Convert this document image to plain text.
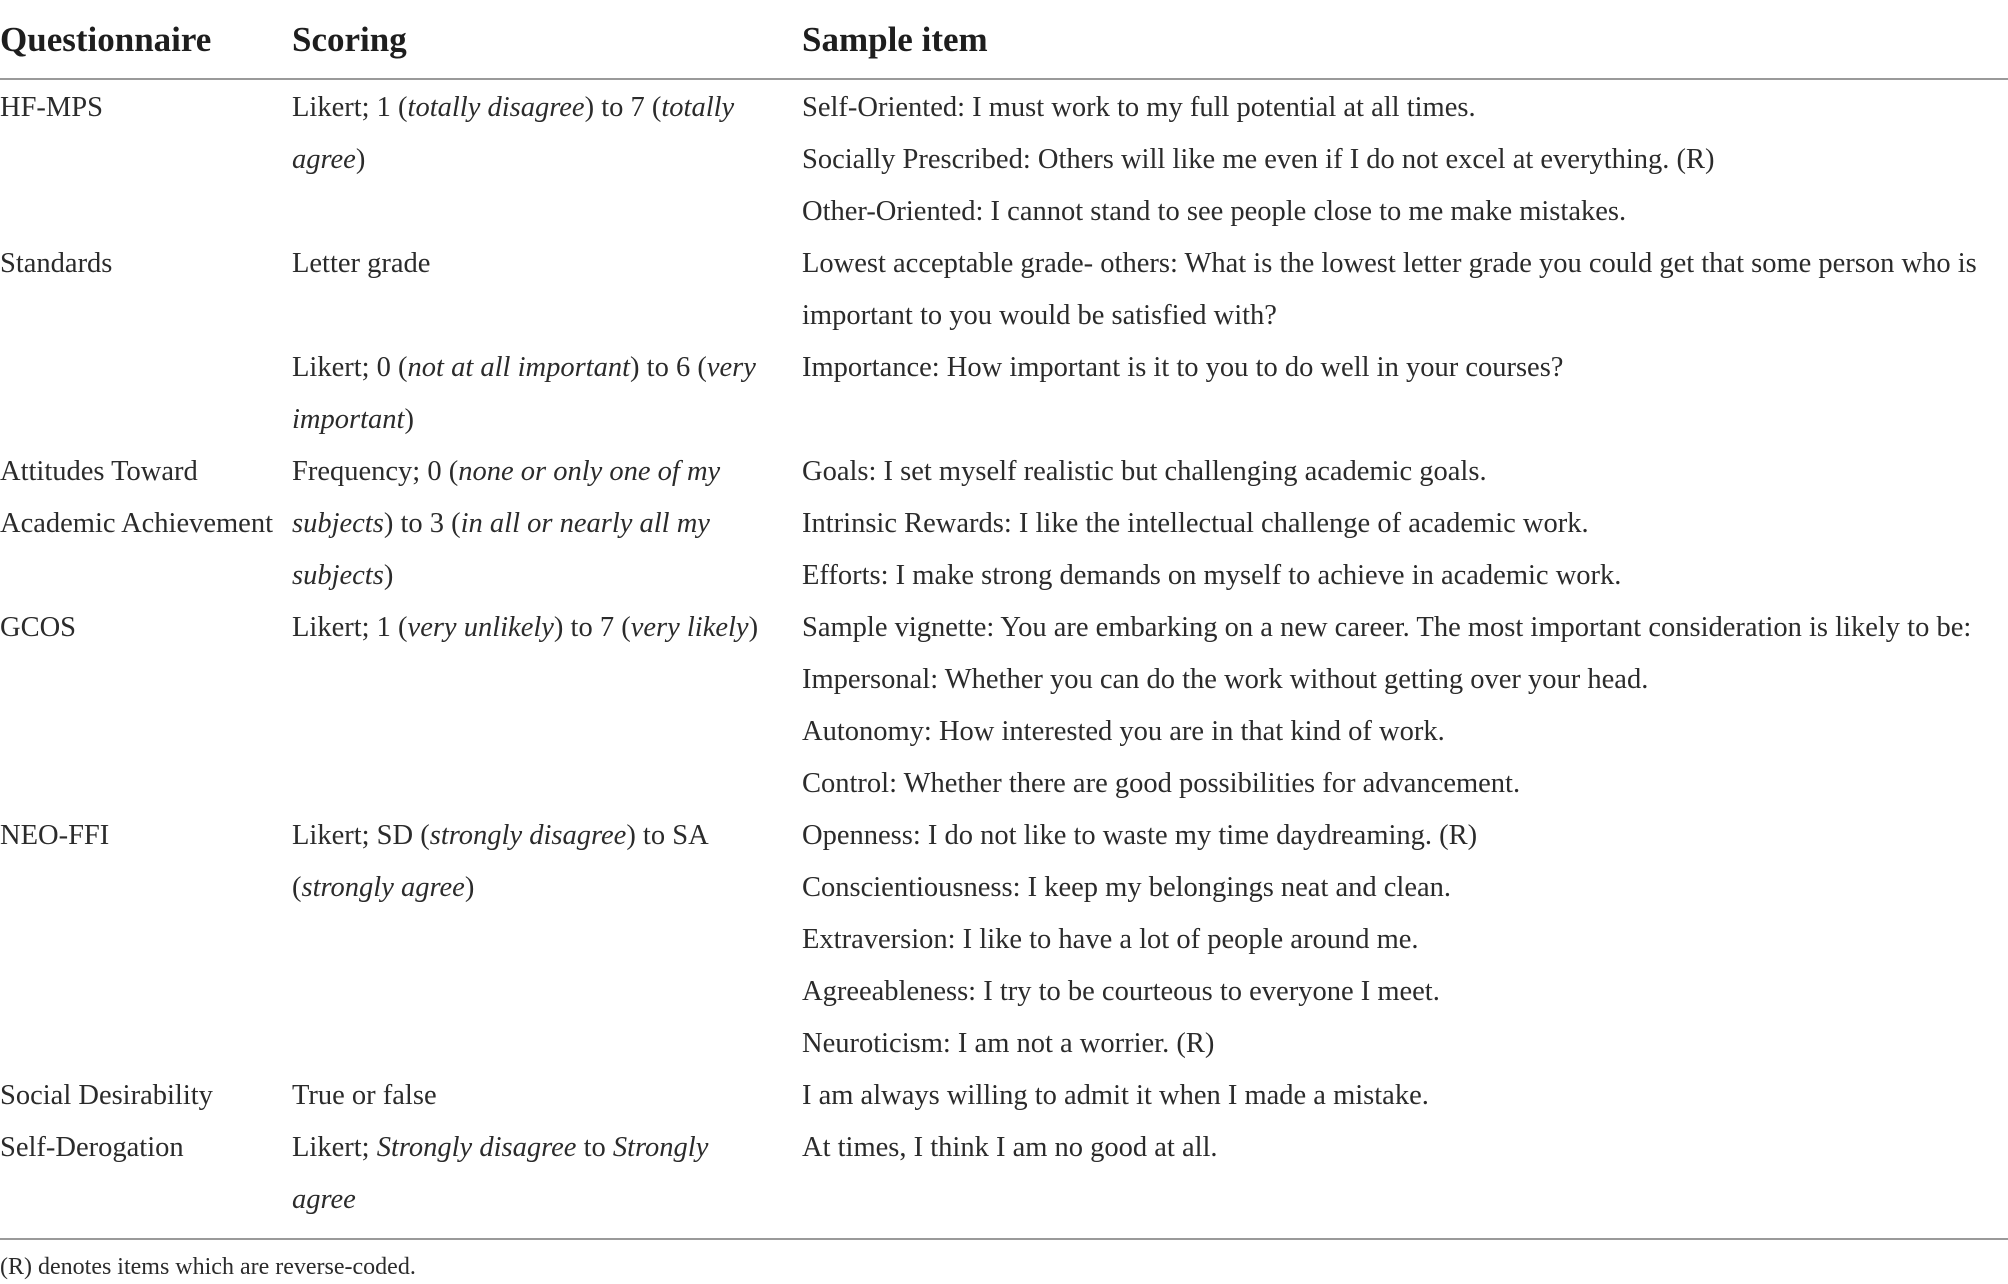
Questionnaire	Scoring	Sample item
HF-MPS	Likert; 1 (totally disagree) to 7 (totally agree)	Self-Oriented: I must work to my full potential at all times.
Socially Prescribed: Others will like me even if I do not excel at everything. (R)
Other-Oriented: I cannot stand to see people close to me make mistakes.

Standards	Letter grade	Lowest acceptable grade- others: What is the lowest letter grade you could get that some person who is important to you would be satisfied with?

	Likert; 0 (not at all important) to 6 (very important)	Importance: How important is it to you to do well in your courses?

Attitudes Toward Academic Achievement	Frequency; 0 (none or only one of my subjects) to 3 (in all or nearly all my subjects)	Goals: I set myself realistic but challenging academic goals.
Intrinsic Rewards: I like the intellectual challenge of academic work.
Efforts: I make strong demands on myself to achieve in academic work.

GCOS	Likert; 1 (very unlikely) to 7 (very likely)	Sample vignette: You are embarking on a new career. The most important consideration is likely to be:
Impersonal: Whether you can do the work without getting over your head.
Autonomy: How interested you are in that kind of work.
Control: Whether there are good possibilities for advancement.

NEO-FFI	Likert; SD (strongly disagree) to SA (strongly agree)	Openness: I do not like to waste my time daydreaming. (R)
Conscientiousness: I keep my belongings neat and clean.
Extraversion: I like to have a lot of people around me.
Agreeableness: I try to be courteous to everyone I meet.
Neuroticism: I am not a worrier. (R)

Social Desirability	True or false	I am always willing to admit it when I made a mistake.

Self-Derogation	Likert; Strongly disagree to Strongly agree	At times, I think I am no good at all.
(R) denotes items which are reverse-coded.
